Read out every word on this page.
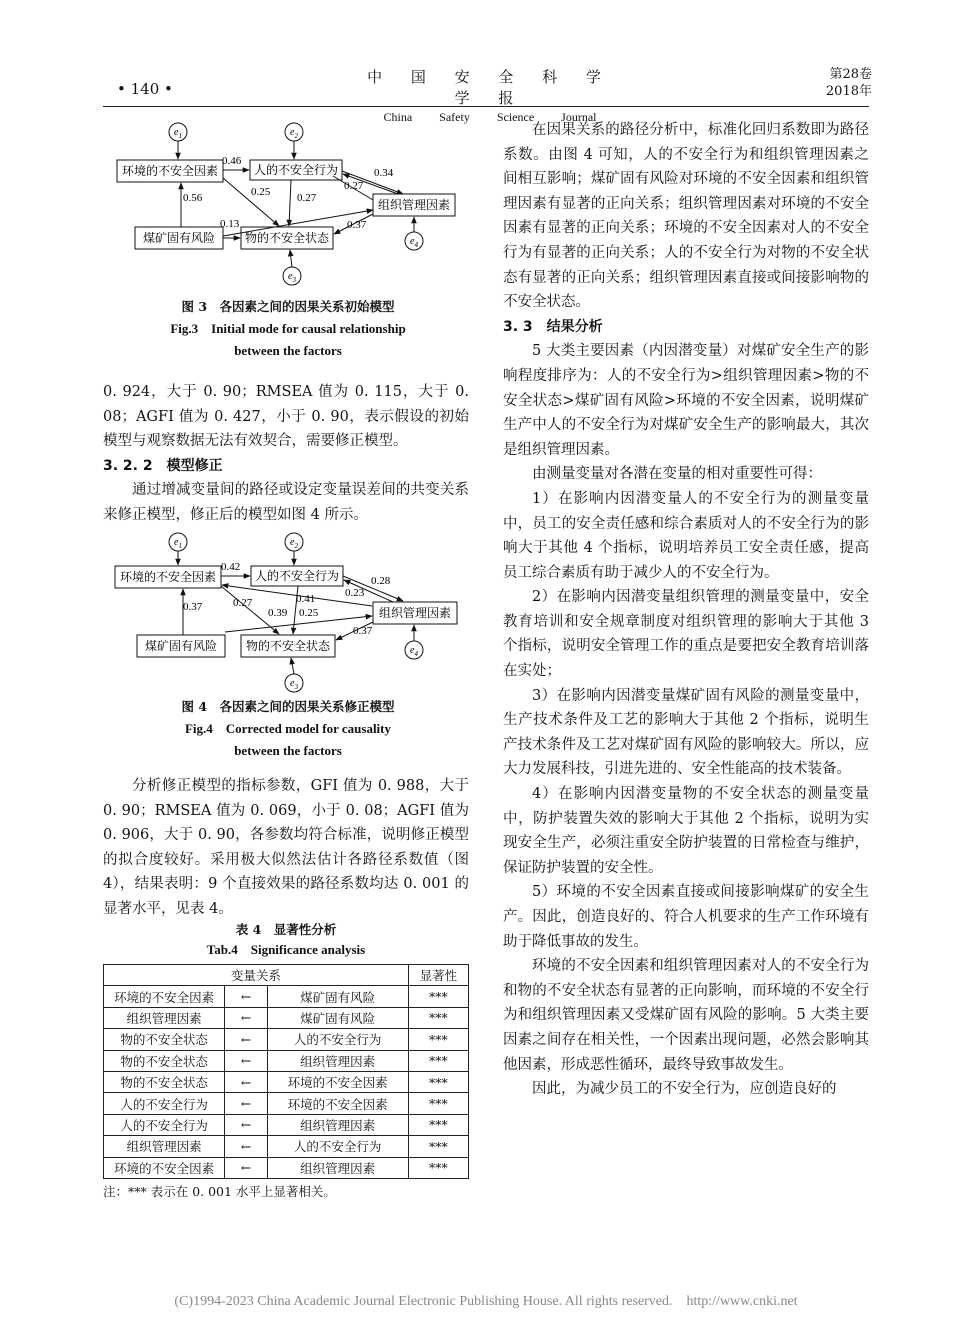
• 140 •
中 国 安 全 科 学 学 报
China Safety Science Journal
第28卷
2018年
$e_1$	$e_2$
$e_4$
$e_3$
环境的不安全因素	人的不安全行为
组织管理因素
煤矿固有风险 物的不安全状态
0.46
0.34
0.25 0.27
0.27
0.56
0.13	0.37
图 3　各因素之间的因果关系初始模型
Fig.3　Initial mode for causal relationship
between the factors

0. 924，大于 0. 90；RMSEA 值为 0. 115，大于 0. 08；AGFI 值为 0. 427，小于 0. 90，表示假设的初始模型与观察数据无法有效契合，需要修正模型。

3. 2. 2　模型修正

通过增减变量间的路径或设定变量误差间的共变关系来修正模型，修正后的模型如图 4 所示。

$e_1$	$e_2$
$e_4$
$e_3$
环境的不安全因素	人的不安全行为
组织管理因素
煤矿固有风险 物的不安全状态
0.42
0.28
0.23
0.41
0.37	0.27
0.39 0.25
0.37
图 4　各因素之间的因果关系修正模型
Fig.4　Corrected model for causality
between the factors

分析修正模型的指标参数，GFI 值为 0. 988，大于 0. 90；RMSEA 值为 0. 069，小于 0. 08；AGFI 值为 0. 906，大于 0. 90，各参数均符合标准，说明修正模型的拟合度较好。采用极大似然法估计各路径系数值（图 4），结果表明：9 个直接效果的路径系数均达 0. 001 的显著水平，见表 4。

表 4　显著性分析
Tab.4　Significance analysis
变量关系			显著性
环境的不安全因素	←	煤矿固有风险	***
组织管理因素	←	煤矿固有风险	***
物的不安全状态	←	人的不安全行为	***
物的不安全状态	←	组织管理因素	***
物的不安全状态	←	环境的不安全因素	***
人的不安全行为	←	环境的不安全因素	***
人的不安全行为	←	组织管理因素	***
组织管理因素	←	人的不安全行为	***
环境的不安全因素	←	组织管理因素	***
注：*** 表示在 0. 001 水平上显著相关。

在因果关系的路径分析中，标准化回归系数即为路径系数。由图 4 可知，人的不安全行为和组织管理因素之间相互影响；煤矿固有风险对环境的不安全因素和组织管理因素有显著的正向关系；组织管理因素对环境的不安全因素有显著的正向关系；环境的不安全因素对人的不安全行为有显著的正向关系；人的不安全行为对物的不安全状态有显著的正向关系；组织管理因素直接或间接影响物的不安全状态。

3. 3　结果分析

5 大类主要因素（内因潜变量）对煤矿安全生产的影响程度排序为：人的不安全行为>组织管理因素>物的不安全状态>煤矿固有风险>环境的不安全因素，说明煤矿生产中人的不安全行为对煤矿安全生产的影响最大，其次是组织管理因素。

由测量变量对各潜在变量的相对重要性可得：

1）在影响内因潜变量人的不安全行为的测量变量中，员工的安全责任感和综合素质对人的不安全行为的影响大于其他 4 个指标，说明培养员工安全责任感，提高员工综合素质有助于减少人的不安全行为。

2）在影响内因潜变量组织管理的测量变量中，安全教育培训和安全规章制度对组织管理的影响大于其他 3 个指标，说明安全管理工作的重点是要把安全教育培训落在实处；

3）在影响内因潜变量煤矿固有风险的测量变量中，生产技术条件及工艺的影响大于其他 2 个指标，说明生产技术条件及工艺对煤矿固有风险的影响较大。所以，应大力发展科技，引进先进的、安全性能高的技术装备。

4）在影响内因潜变量物的不安全状态的测量变量中，防护装置失效的影响大于其他 2 个指标，说明为实现安全生产，必须注重安全防护装置的日常检查与维护，保证防护装置的安全性。

5）环境的不安全因素直接或间接影响煤矿的安全生产。因此，创造良好的、符合人机要求的生产工作环境有助于降低事故的发生。

环境的不安全因素和组织管理因素对人的不安全行为和物的不安全状态有显著的正向影响，而环境的不安全行为和组织管理因素又受煤矿固有风险的影响。5 大类主要因素之间存在相关性，一个因素出现问题，必然会影响其他因素，形成恶性循环，最终导致事故发生。

因此，为减少员工的不安全行为，应创造良好的

(C)1994-2023 China Academic Journal Electronic Publishing House. All rights reserved.　http://www.cnki.net
